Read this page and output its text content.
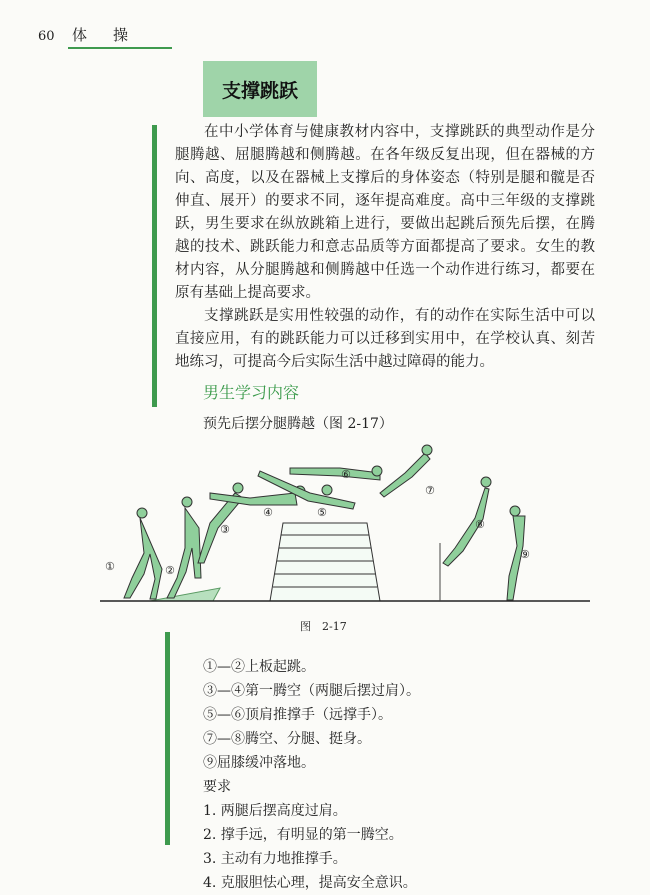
60 体操
支撑跳跃

在中小学体育与健康教材内容中，支撑跳跃的典型动作是分腿腾越、屈腿腾越和侧腾越。在各年级反复出现，但在器械的方向、高度，以及在器械上支撑后的身体姿态（特别是腿和髋是否伸直、展开）的要求不同，逐年提高难度。高中三年级的支撑跳跃，男生要求在纵放跳箱上进行，要做出起跳后预先后摆，在腾越的技术、跳跃能力和意志品质等方面都提高了要求。女生的教材内容，从分腿腾越和侧腾越中任选一个动作进行练习，都要在原有基础上提高要求。

支撑跳跃是实用性较强的动作，有的动作在实际生活中可以直接应用，有的跳跃能力可以迁移到实用中，在学校认真、刻苦地练习，可提高今后实际生活中越过障碍的能力。

男生学习内容
预先后摆分腿腾越（图 2-17）
①	②
③
④	⑤
⑥
⑦
⑧
⑨
图　2-17
①—②上板起跳。
③—④第一腾空（两腿后摆过肩）。
⑤—⑥顶肩推撑手（远撑手）。
⑦—⑧腾空、分腿、挺身。
⑨屈膝缓冲落地。
要求
1. 两腿后摆高度过肩。
2. 撑手远，有明显的第一腾空。
3. 主动有力地推撑手。
4. 克服胆怯心理，提高安全意识。
